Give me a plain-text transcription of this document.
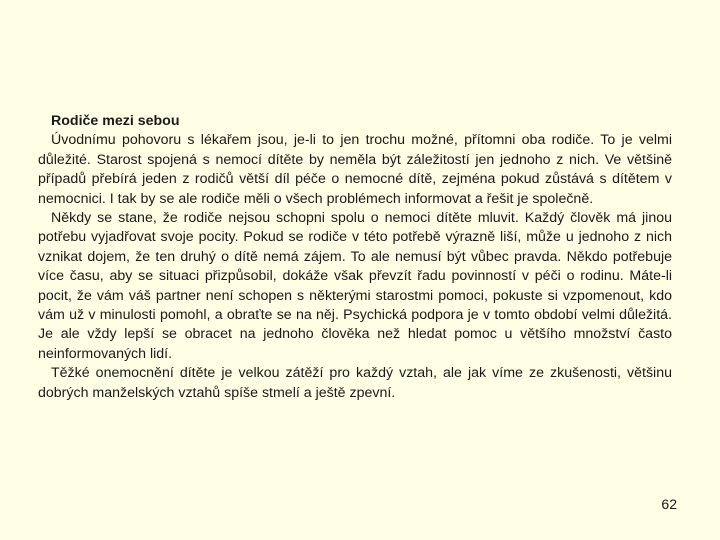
Rodiče mezi sebou

Úvodnímu pohovoru s lékařem jsou, je-li to jen trochu možné, přítomni oba rodiče. To je velmi důležité. Starost spojená s nemocí dítěte by neměla být záležitostí jen jednoho z nich. Ve většině případů přebírá jeden z rodičů větší díl péče o nemocné dítě, zejména pokud zůstává s dítětem v nemocnici. I tak by se ale rodiče měli o všech problémech informovat a řešit je společně.

Někdy se stane, že rodiče nejsou schopni spolu o nemoci dítěte mluvit. Každý člověk má jinou potřebu vyjadřovat svoje pocity. Pokud se rodiče v této potřebě výrazně liší, může u jednoho z nich vznikat dojem, že ten druhý o dítě nemá zájem. To ale nemusí být vůbec pravda. Někdo potřebuje více času, aby se situaci přizpůsobil, dokáže však převzít řadu povinností v péči o rodinu. Máte-li pocit, že vám váš partner není schopen s některými starostmi pomoci, pokuste si vzpomenout, kdo vám už v minulosti pomohl, a obraťte se na něj. Psychická podpora je v tomto období velmi důležitá. Je ale vždy lepší se obracet na jednoho člověka než hledat pomoc u většího množství často neinformovaných lidí.

Těžké onemocnění dítěte je velkou zátěží pro každý vztah, ale jak víme ze zkušenosti, většinu dobrých manželských vztahů spíše stmelí a ještě zpevní.

62
